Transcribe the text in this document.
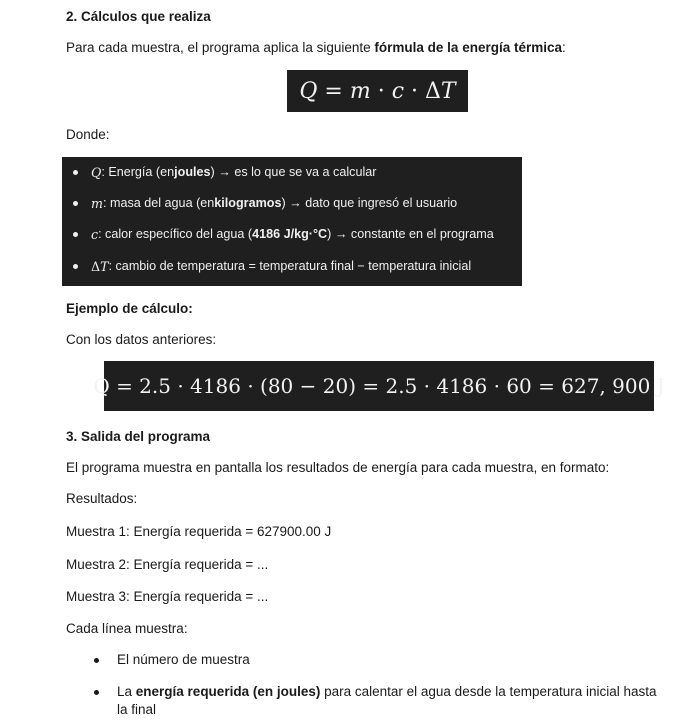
2. Cálculos que realiza
Para cada muestra, el programa aplica la siguiente fórmula de la energía térmica:
Q = m · c · Δ T
Donde:
Q : Energía (en joules ) → es lo que se va a calcular
m : masa del agua (en kilogramos ) → dato que ingresó el usuario
c : calor específico del agua ( 4186 J/kg·°C ) → constante en el programa
Δ T : cambio de temperatura = temperatura final − temperatura inicial
Ejemplo de cálculo:
Con los datos anteriores:
Q = 2.5 · 4186 · (80 − 20) = 2.5 · 4186 · 60 = 627, 900 J
3. Salida del programa
El programa muestra en pantalla los resultados de energía para cada muestra, en formato:
Resultados:
Muestra 1: Energía requerida = 627900.00 J
Muestra 2: Energía requerida = ...
Muestra 3: Energía requerida = ...
Cada línea muestra:
El número de muestra
La energía requerida (en joules) para calentar el agua desde la temperatura inicial hasta la final
